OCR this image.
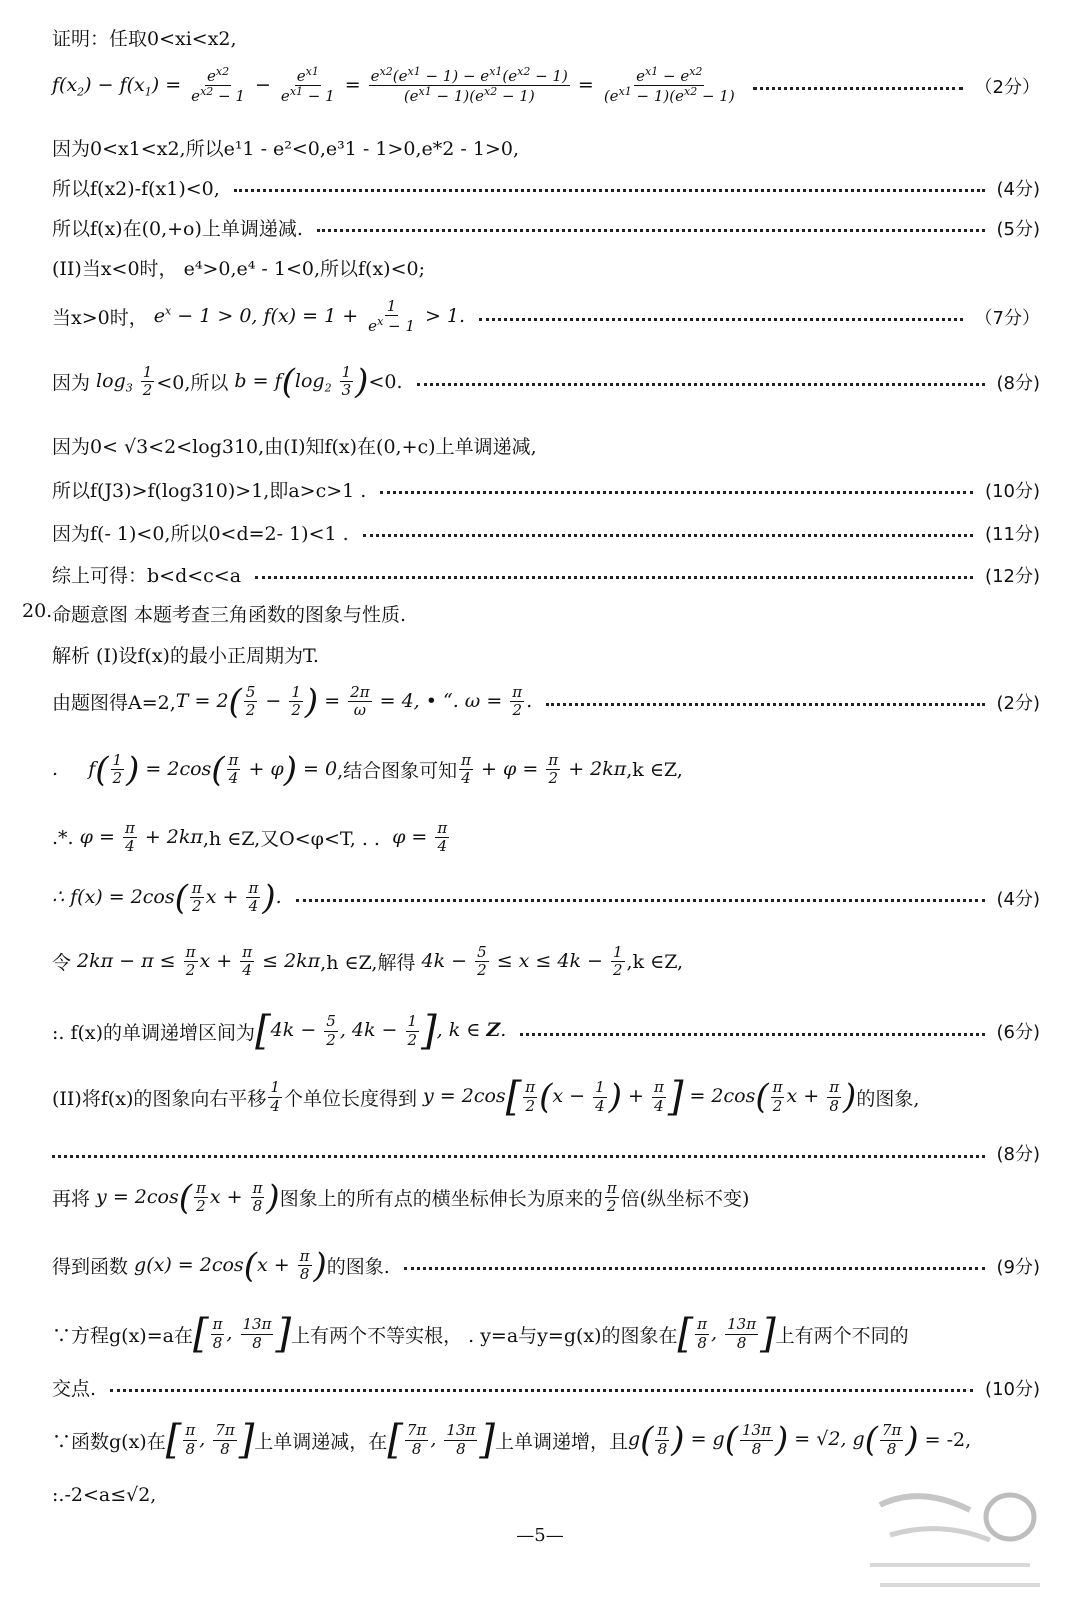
证明：任取0<xi<x2,
$f(x_2) - f(x_1) = \frac{e^{x2}}{e^{x2} - 1} - \frac{e^{x1}}{e^{x1} - 1} = \frac{e^{x2}(e^{x1} - 1) - e^{x1}(e^{x2} - 1)}{(e^{x1} - 1)(e^{x2} - 1)} = \frac{e^{x1} - e^{x2}}{(e^{x1} - 1)(e^{x2} - 1)}$	（2分）
因为0<x1<x2,所以e¹1 - e²<0,e³1 - 1>0,e*2 - 1>0,
所以f(x2)-f(x1)<0,	(4分)
所以f(x)在(0,+o)上单调递减.	(5分)
(II)当x<0时， e⁴>0,e⁴ - 1<0,所以f(x)<0;
当x>0时， $e^x - 1 > 0$, $f(x) = 1 + \frac{1}{e^x - 1} > 1$.	（7分）
因为 $\log_3 \frac{1}{2} <0$,所以 $b = f(\log_2 \frac{1}{3}$ ) <0.	(8分)
因为0< √3<2<log310,由(I)知f(x)在(0,+c)上单调递减,
所以f(J3)>f(log310)>1,即a>c>1 .	(10分)
因为f(- 1)<0,所以0<d=2- 1)<1 .	(11分)
综上可得：b<d<c<a	(12分)
20. 命题意图 本题考查三角函数的图象与性质.
解析 (I)设f(x)的最小正周期为T.
由题图得A=2, $T = 2( \frac{5}{2} - \frac{1}{2}$ ) = $\frac{2\pi}{\omega} = 4$, • “. $\omega = \frac{\pi}{2}$ .	(2分)
.     $f( \frac{1}{2}$ ) = $2\cos( \frac{\pi}{4} + \varphi) = 0$ ,结合图象可知 $\frac{\pi}{4} + \varphi = \frac{\pi}{2} + 2k\pi$ ,k ∈Z,
.*. $\varphi = \frac{\pi}{4} + 2k\pi$ ,h ∈Z,又O<φ<T, . . $\varphi = \frac{\pi}{4}$
∴ $f(x) = 2\cos( \frac{\pi}{2}$ $x + \frac{\pi}{4}$ ).	(4分)
令 $2k\pi - \pi \le \frac{\pi}{2}$ $x + \frac{\pi}{4} \le 2k\pi$ ,h ∈Z,解得 $4k - \frac{5}{2} \le x \le 4k - \frac{1}{2} ,k$ ∈Z,
:. f(x)的单调递增区间为 [$4k - \frac{5}{2}$ , $4k - \frac{1}{2}$ ], k ∈ Z.	(6分)
(II)将f(x)的图象向右平移 $\frac{1}{4}$ 个单位长度得到 $y = 2\cos[ \frac{\pi}{2} (x - \frac{1}{4}$ ) + $\frac{\pi}{4}$ ] = $2\cos( \frac{\pi}{2}$ $x + \frac{\pi}{8}$ ) 的图象,
(8分)
再将 $y = 2\cos( \frac{\pi}{2}$ $x + \frac{\pi}{8}$ ) 图象上的所有点的横坐标伸长为原来的 $\frac{\pi}{2}$ 倍(纵坐标不变)
得到函数 $g(x) = 2\cos(x + \frac{\pi}{8}$ ) 的图象.	(9分)
∵方程g(x)=a在 [ $\frac{\pi}{8}$ , $\frac{13\pi}{8}$ ] 上有两个不等实根， . y=a与y=g(x)的图象在 [ $\frac{\pi}{8}$ , $\frac{13\pi}{8}$ ] 上有两个不同的
交点.	(10分)
∵函数g(x)在 [ $\frac{\pi}{8}$ , $\frac{7\pi}{8}$ ] 上单调递减，在 [ $\frac{7\pi}{8}$ , $\frac{13\pi}{8}$ ] 上单调递增，且 $g( \frac{\pi}{8}$ ) = $g( \frac{13\pi}{8}$ ) = √2, $g( \frac{7\pi}{8}$ ) = -2,
:.-2<a≤√2,
—5—
